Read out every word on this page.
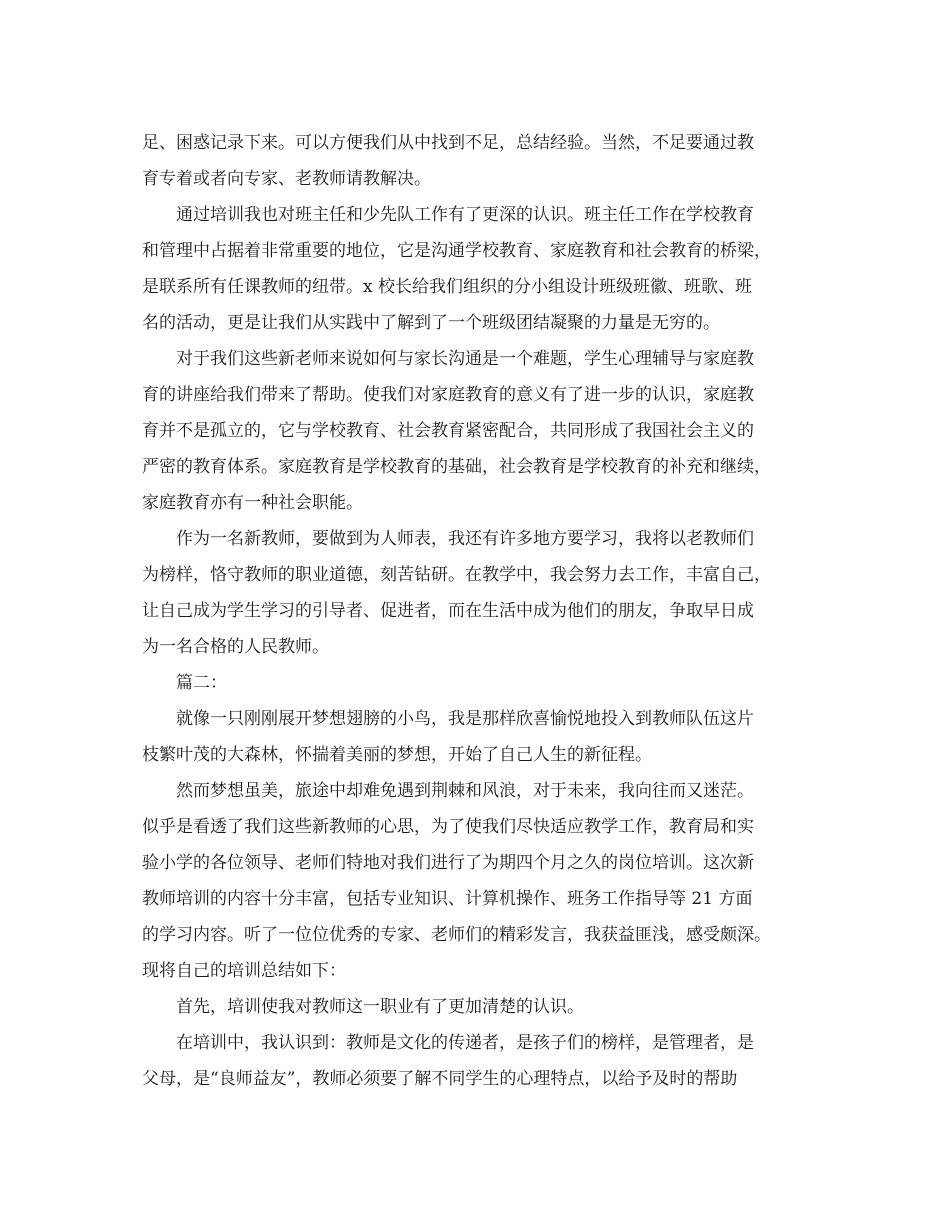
足、困惑记录下来。可以方便我们从中找到不足，总结经验。当然，不足要通过教
育专着或者向专家、老教师请教解决。
通过培训我也对班主任和少先队工作有了更深的认识。班主任工作在学校教育
和管理中占据着非常重要的地位，它是沟通学校教育、家庭教育和社会教育的桥梁，
是联系所有任课教师的纽带。x 校长给我们组织的分小组设计班级班徽、班歌、班
名的活动，更是让我们从实践中了解到了一个班级团结凝聚的力量是无穷的。
对于我们这些新老师来说如何与家长沟通是一个难题，学生心理辅导与家庭教
育的讲座给我们带来了帮助。使我们对家庭教育的意义有了进一步的认识，家庭教
育并不是孤立的，它与学校教育、社会教育紧密配合，共同形成了我国社会主义的
严密的教育体系。家庭教育是学校教育的基础，社会教育是学校教育的补充和继续，
家庭教育亦有一种社会职能。
作为一名新教师，要做到为人师表，我还有许多地方要学习，我将以老教师们
为榜样，恪守教师的职业道德，刻苦钻研。在教学中，我会努力去工作，丰富自己，
让自己成为学生学习的引导者、促进者，而在生活中成为他们的朋友，争取早日成
为一名合格的人民教师。
篇二：
就像一只刚刚展开梦想翅膀的小鸟，我是那样欣喜愉悦地投入到教师队伍这片
枝繁叶茂的大森林，怀揣着美丽的梦想，开始了自己人生的新征程。
然而梦想虽美，旅途中却难免遇到荆棘和风浪，对于未来，我向往而又迷茫。
似乎是看透了我们这些新教师的心思，为了使我们尽快适应教学工作，教育局和实
验小学的各位领导、老师们特地对我们进行了为期四个月之久的岗位培训。这次新
教师培训的内容十分丰富，包括专业知识、计算机操作、班务工作指导等 21 方面
的学习内容。听了一位位优秀的专家、老师们的精彩发言，我获益匪浅，感受颇深。
现将自己的培训总结如下：
首先，培训使我对教师这一职业有了更加清楚的认识。
在培训中，我认识到：教师是文化的传递者，是孩子们的榜样，是管理者，是
父母，是“良师益友”，教师必须要了解不同学生的心理特点，以给予及时的帮助
